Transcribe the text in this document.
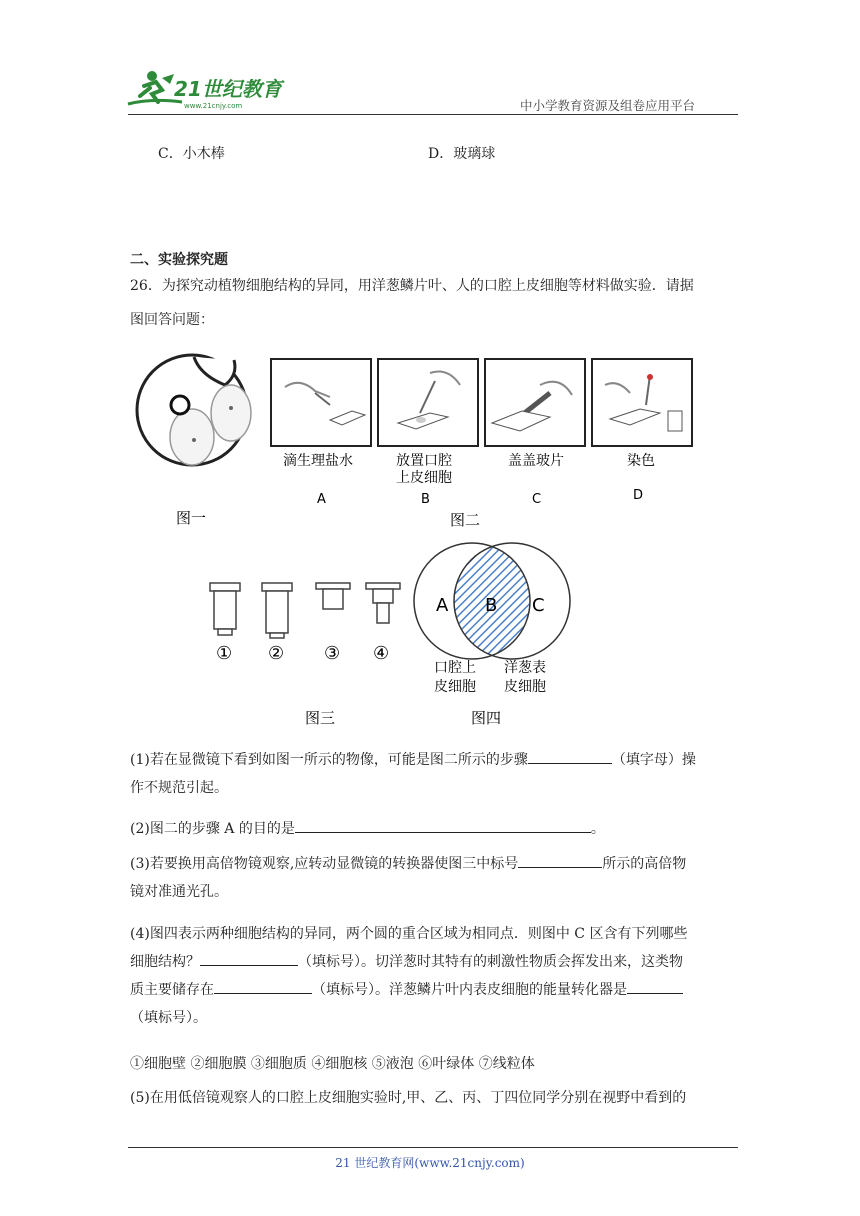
21世纪教育
www.21cnjy.com	中小学教育资源及组卷应用平台
C．小木棒	D．玻璃球
二、实验探究题
26．为探究动植物细胞结构的异同，用洋葱鳞片叶、人的口腔上皮细胞等材料做实验．请据
图回答问题：
图一
滴生理盐水
A
放置口腔
上皮细胞
B
盖盖玻片
C
染色
D
图二
① ② ③ ④
图三
A B C
口腔上
皮细胞
洋葱表
皮细胞
图四
(1)若在显微镜下看到如图一所示的物像，可能是图二所示的步骤	（填字母）操
作不规范引起。
(2)图二的步骤 A 的目的是	。
(3)若要换用高倍物镜观察,应转动显微镜的转换器使图三中标号	所示的高倍物
镜对准通光孔。
(4)图四表示两种细胞结构的异同，两个圆的重合区域为相同点．则图中 C 区含有下列哪些
细胞结构？	（填标号）。切洋葱时其特有的刺激性物质会挥发出来，这类物
质主要储存在	（填标号）。洋葱鳞片叶内表皮细胞的能量转化器是
（填标号）。
①细胞壁 ②细胞膜 ③细胞质 ④细胞核 ⑤液泡 ⑥叶绿体 ⑦线粒体
(5)在用低倍镜观察人的口腔上皮细胞实验时,甲、乙、丙、丁四位同学分别在视野中看到的
21 世纪教育网(www.21cnjy.com)
